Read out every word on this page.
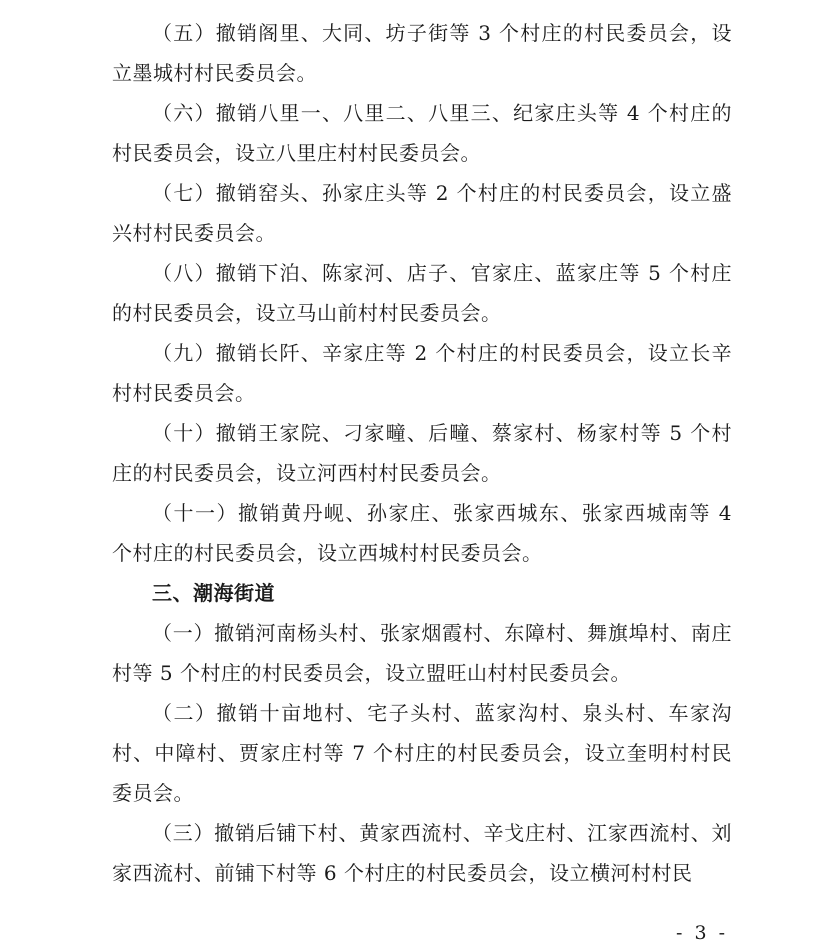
（五）撤销阁里、大同、坊子街等 3 个村庄的村民委员会，设立墨城村村民委员会。

（六）撤销八里一、八里二、八里三、纪家庄头等 4 个村庄的村民委员会，设立八里庄村村民委员会。

（七）撤销窑头、孙家庄头等 2 个村庄的村民委员会，设立盛兴村村民委员会。

（八）撤销下泊、陈家河、店子、官家庄、蓝家庄等 5 个村庄的村民委员会，设立马山前村村民委员会。

（九）撤销长阡、辛家庄等 2 个村庄的村民委员会，设立长辛村村民委员会。

（十）撤销王家院、刁家疃、后疃、蔡家村、杨家村等 5 个村庄的村民委员会，设立河西村村民委员会。

（十一）撤销黄丹岘、孙家庄、张家西城东、张家西城南等 4 个村庄的村民委员会，设立西城村村民委员会。

三、潮海街道

（一）撤销河南杨头村、张家烟霞村、东障村、舞旗埠村、南庄村等 5 个村庄的村民委员会，设立盟旺山村村民委员会。

（二）撤销十亩地村、宅子头村、蓝家沟村、泉头村、车家沟村、中障村、贾家庄村等 7 个村庄的村民委员会，设立奎明村村民委员会。

（三）撤销后铺下村、黄家西流村、辛戈庄村、江家西流村、刘家西流村、前铺下村等 6 个村庄的村民委员会，设立横河村村民

- 3 -
